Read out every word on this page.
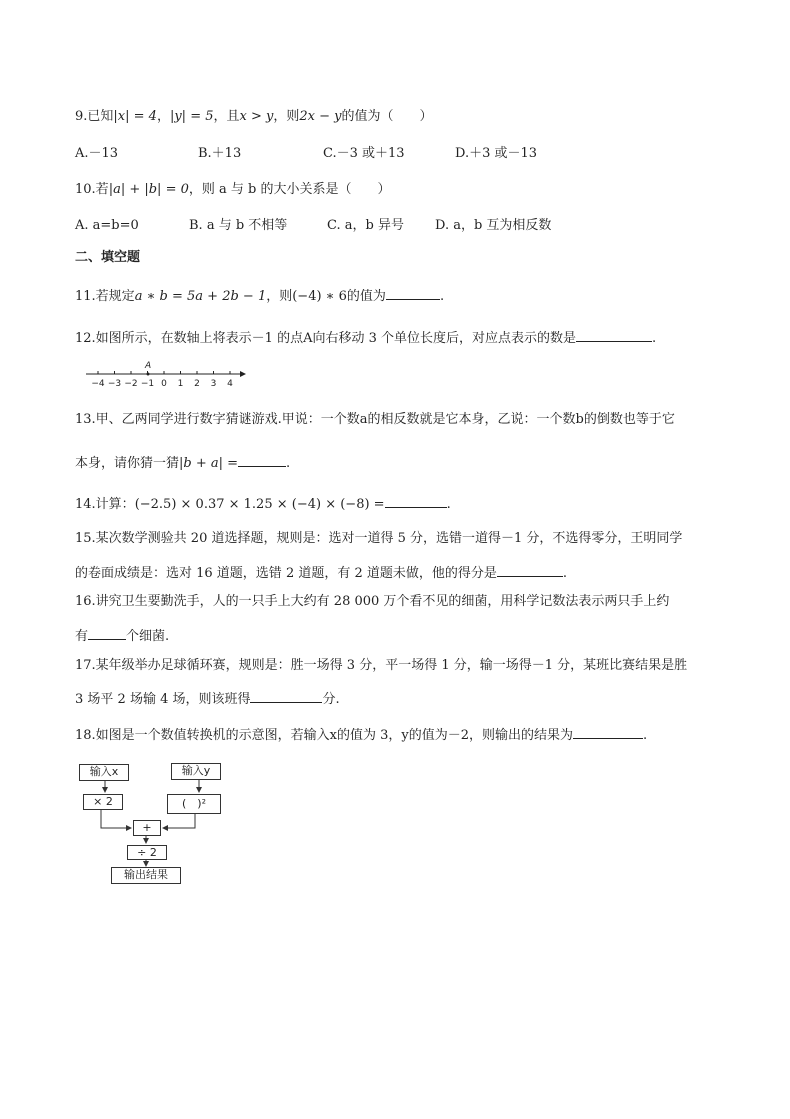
9.已知|x| = 4，|y| = 5，且x > y，则2x − y的值为（　　）
A.－13	B.＋13	C.－3 或＋13	D.＋3 或－13
10.若|a| + |b| = 0，则 a 与 b 的大小关系是（　　）
A. a=b=0	B. a 与 b 不相等	C. a，b 异号 D. a，b 互为相反数
二、填空题
11.若规定a ∗ b = 5a + 2b − 1，则(−4) ∗ 6的值为	.
12.如图所示，在数轴上将表示－1 的点A向右移动 3 个单位长度后，对应点表示的数是	.
−4 −3 −2 −1 0 1 2 3 4
A
13.甲、乙两同学进行数字猜谜游戏.甲说：一个数a的相反数就是它本身，乙说：一个数b的倒数也等于它
本身，请你猜一猜|b + a| =	.
14.计算：(−2.5) × 0.37 × 1.25 × (−4) × (−8) =	.
15.某次数学测验共 20 道选择题，规则是：选对一道得 5 分，选错一道得－1 分，不选得零分，王明同学
的卷面成绩是：选对 16 道题，选错 2 道题，有 2 道题未做，他的得分是	.
16.讲究卫生要勤洗手，人的一只手上大约有 28 000 万个看不见的细菌，用科学记数法表示两只手上约
有	个细菌.
17.某年级举办足球循环赛，规则是：胜一场得 3 分，平一场得 1 分，输一场得－1 分，某班比赛结果是胜
3 场平 2 场输 4 场，则该班得	分.
18.如图是一个数值转换机的示意图，若输入x的值为 3，y的值为－2，则输出的结果为	.
输入x	输入y
× 2	(　)²
+
÷ 2
输出结果
